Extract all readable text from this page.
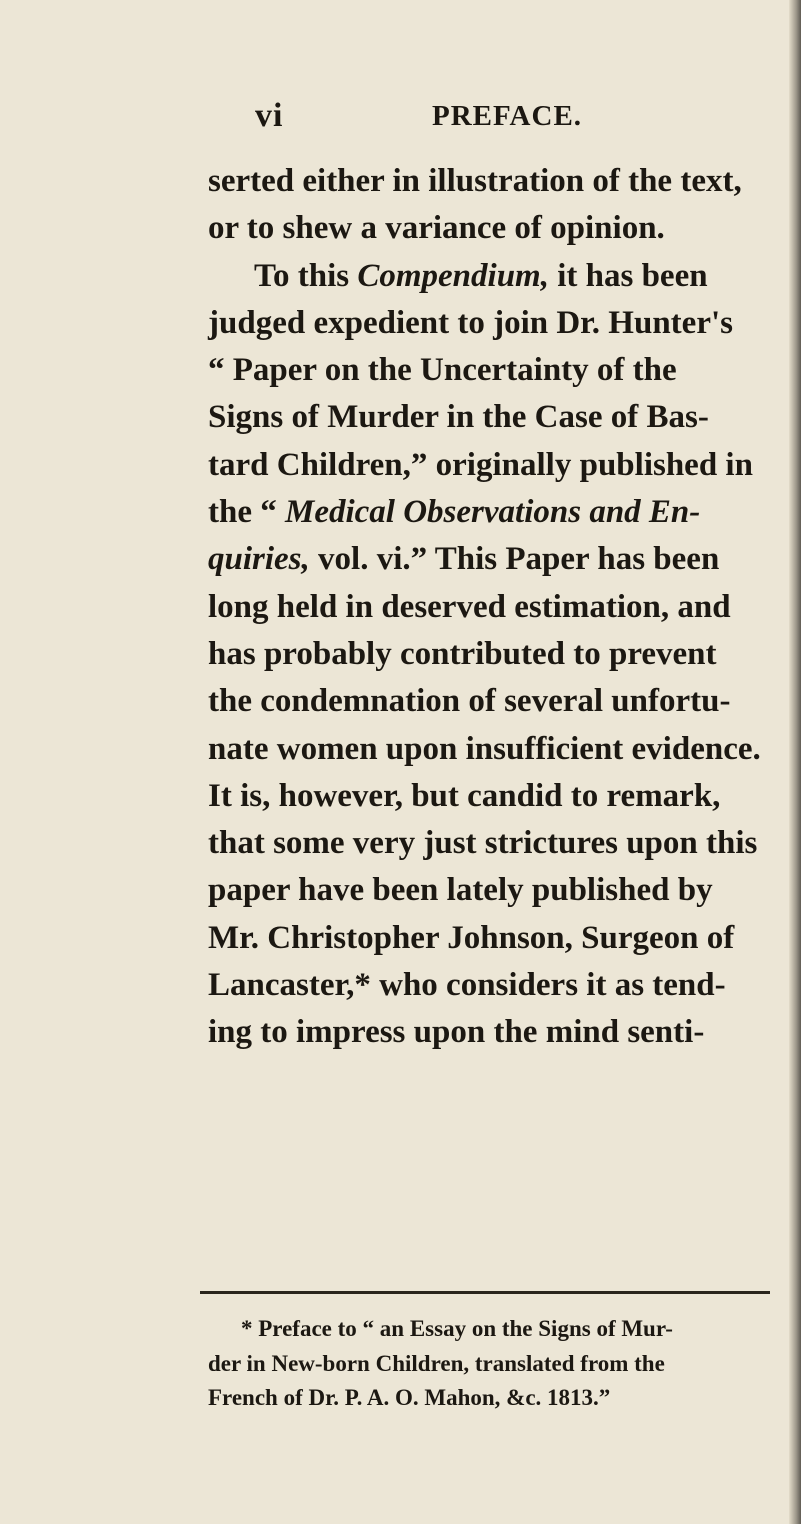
vi	PREFACE.

serted either in illustration of the text,
or to shew a variance of opinion.
To this Compendium, it has been
judged expedient to join Dr. Hunter's
“ Paper on the Uncertainty of the
Signs of Murder in the Case of Bas-
tard Children,” originally published in
the “ Medical Observations and En-
quiries, vol. vi.” This Paper has been
long held in deserved estimation, and
has probably contributed to prevent
the condemnation of several unfortu-
nate women upon insufficient evidence.
It is, however, but candid to remark,
that some very just strictures upon this
paper have been lately published by
Mr. Christopher Johnson, Surgeon of
Lancaster,* who considers it as tend-
ing to impress upon the mind senti-
* Preface to “ an Essay on the Signs of Mur-
der in New-born Children, translated from the
French of Dr. P. A. O. Mahon, &c. 1813.”
